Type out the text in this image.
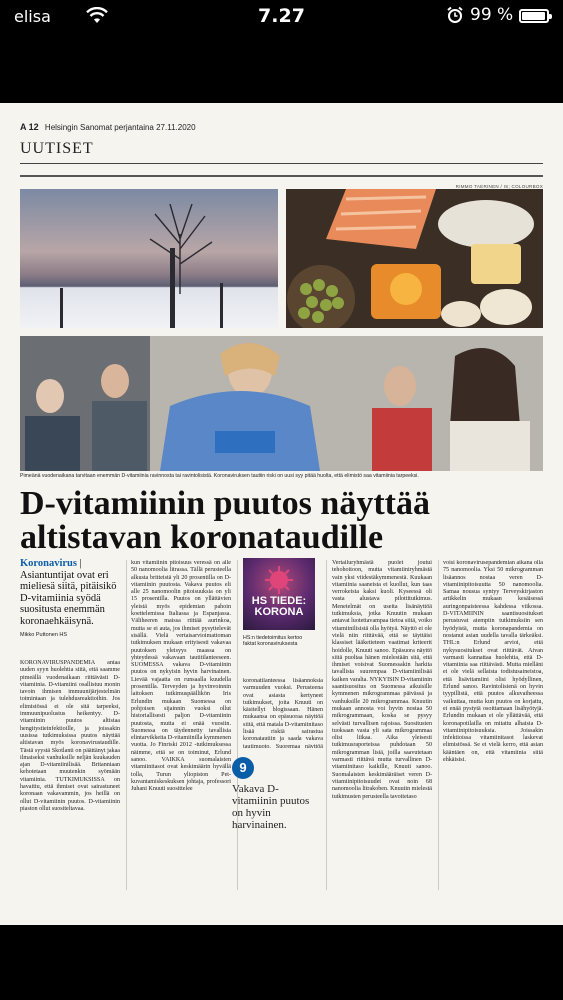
elisa	7.27	99 %
A 12 Helsingin Sanomat perjantaina 27.11.2020
UUTISET
RIMMO TAERINEN / IS; COLOURBOX
Pimeänä vuodenaikana tarvitaan enemmän D-vitamiinia ravinnosta tai ravintolisistä. Koronaviruksen tautiin riski on uusi syy pitää huolta, että elimistö saa vitamiinia tarpeeksi.
D-vitamiinin puutos näyttää
altistavan koronataudille
Koronavirus | Asiantuntijat ovat eri mieliesä siitä, pitäisikö D-vitamiinia syödä suositusta enemmän koronaehkäisynä.
Mikko Puttonen HS
KORONAVIRUSPANDEMIA antaa uuden syyn huolehtia siitä, että saamme pimeällä vuodenaikaan riittävästi D-vitamiinia. D-vitamiini osallistuu monin tavoin ihmisen immuunijärjestelmän toimintaan ja tulehdusreaktioihin. Jos elimistössä ei ole sitä tarpeeksi, immuunipuolustus heikentyy. D-vitamiinin puutos altistaa hengitystieinfektioille, ja joissakin uusissa tutkimuksissa puutos näyttää altistavan myös koronavirustaudille. Tästä syystä Skotlanti on päättänyt jakaa ilmaiseksi vanhuksille neljän kuukauden ajan D-vitamiinilisää. Britanniaan kehotetaan muutenkin syömään vitamiinia. TUTKIMUKSISSA on havaittu, että ihmiset ovat sairastuneet koronaan vakavammin, jos heillä on ollut D-vitamiinin puutos. D-vitamiinin piaston ollut suositeltavaa.
kun vitamiinin pitoisuus veressä on alle 50 nanomoolia litrassa. Tällä perusteella alkusta britteistä yli 20 prosentilla on D-vitamiinin puutosta. Vakava puutos eli alle 25 nanomoolin pitoisuuksia on yli 15 prosentilla. Puutos on yllättävien yleistä myös epidemian pahoin koettelemissa Italiassa ja Espanjassa. Väliheeren maissa riittää aurinkoa, mutta se ei auta, jos ihmiset pysyttelevät sisällä. Vielä vertaisarvioimattoman tutkimuksen mukaan erityisesti vakavaa puutoksen yleisyys maassa on yhteydessä vakavaan tautitilanteeseen. SUOMESSA vakava D-vitamiinin puutos on nykyisin hyvin harvinainen. Lievää vajaatta on runsaalla kuudella prosentilla. Terveyden ja hyvinvoinnin laitoksen tutkimuspäällikön Iris Erlundin mukaan Suomessa on pohjoisen sijainnin vuoksi ollut historiallisesti paljon D-vitamiinin puutosta, mutta ei enää vuosiin. Suomessa on täydennetty tavallisia elintarvikkeita D-vitamiinilla kymmenen vuotta. Jo Finriski 2012 -tutkimuksessa näimme, että se on toiminut, Erlund sanoo. VAIKKA suomalaisten vitamiinitasot ovat keskimäärin hyvällä tolla, Turun yliopiston Pet-kuvantamiskeskuksen johtaja, professori Juhani Knuuti suosittelee
HS TIEDE:
KORONA
HS:n tiedetoimitus kertoo faktat koronaviruksesta
koronatilanteessa lisäannoksia varmuuden vuoksi. Perusteena ovat asiasta kertyneet tutkimukset, joita Knuuti on käsitellyt blogissaan. Hänen mukaansa on epäsuoraa näyttöä siitä, että matala D-vitamiinitaso lisää riskiä sairastua koronatautiin ja saada vakava tautimuoto. Suoremaa näyttöä
9
Vakava D-vitamiinin puutos on hyvin harvinainen.
Vertailuryhmästä puolet joutui tehohoitoon, mutta vitamiiniryhmästä vain yksi viidestäkymmenestä. Kuukaan vitamiinia saaneista ei kuollut, kun taas verrokeista kaksi kuoli. Kyseessä oli vasta alustava pilottitutkimus. Menetelmät on useita lisänäyttöä tutkimuksia, jotka Knuutin mukaan antavat luotettavampaa tietoa siitä, voiko vitamiinilisistä olla hyötyä. Näyttö ei ole vielä niin riittävää, että se täyttäisi klassiset lääketieteen vaatimat kriteerit hoidolle, Knuuti sanoo. Epäsuora näyttö siitä puoltaa hänen mielestään sitä, että ihmiset voisivat Suomessakin harkita tavallista suurempaa D-vitamiinilisää kaiken varalta. NYKYISIN D-vitamiinin saantisuositus on Suomessa aikuisille kymmenen mikrogrammaa päivässä ja vanhuksille 20 mikrogrammaa. Knuutin mukaan annosta voi hyvin nostaa 50 mikrogrammaan, koska se pysyy selvästi turvallisen rajoissa. Suositusten tuoksaan vasta yli sata mikrogrammaa olisi liikaa. Aika yleisesti tutkimusraporteissa puhdotaan 50 mikrogramman lisiä, joilla saavutetaan varmasti riittävä mutta turvallinen D-vitamiinitaso kaikille, Knuuti sanoo. Suomalaisten keskimääräiset veren D-vitamiinipitoisuudet ovat noin 68 nanomoolia litrakoben. Knuutin mielestä tutkimusten perusteella tavoitetaso
voisi koronavirusepandemian aikana olla 75 nanomoolia. Yksi 50 mikrogramman lisäannos nostaa veren D-vitamiinipitoisuutta 50 nanomoolia. Samaa nousua syntyy Terveyskirjaston artikkelin mukaan kesäisessä auringonpaisteessa kahdessa viikossa. D-VITAMIININ saantisuositukset perustuvat aiempiin tutkimuksiin sen hyödyistä, mutta koronapandemia on nostanut asian uudella tavalla tärkeäksi. THL:n Erlund arvioi, että nykysuositukset ovat riittävät. Aivan varmasti kannattaa huolehtia, että D-vitamiinia saa riittävästi. Mutta mielläni ei ole vielä sellaista todistusaineistoa, että lisävitamiini olisi hyödyllinen, Erlund sanoo. Ravintolisienä on hyvin tyypillistä, että puutos alkuvaiheessa vaikuttaa, mutta kun puutos on korjattu, ei enää pystytä osoittamaan lisähyötyjä. Erlundin mukaan ei ole yllättävää, että koronapotilailla on mitattu alhaisia D-vitamiinipitoisuuksia. Joissakin infektioissa vitamiinitasot laskevat elimistössä. Se ei vielä kerro, että asian kääntäen on, että vitamiinia siitä ehkäisisi.
